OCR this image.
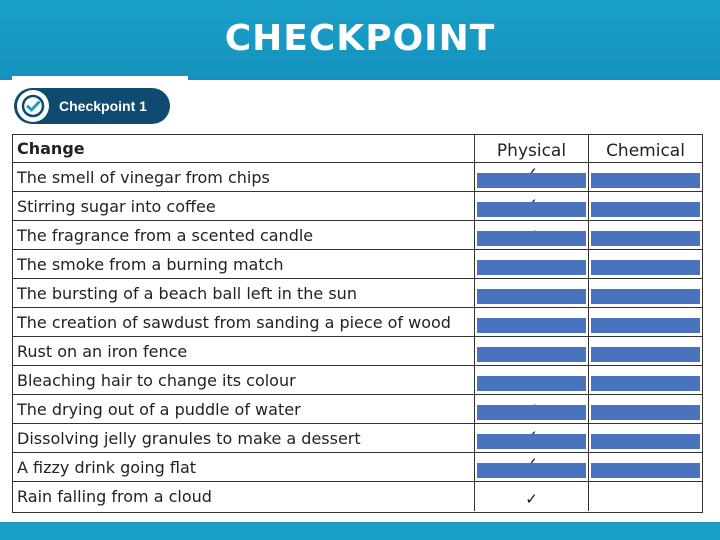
CHECKPOINT
Checkpoint 1
Change	Physical	Chemical
The smell of vinegar from chips
Stirring sugar into coffee
The fragrance from a scented candle
The smoke from a burning match
The bursting of a beach ball left in the sun
The creation of sawdust from sanding a piece of wood
Rust on an iron fence
Bleaching hair to change its colour
The drying out of a puddle of water
Dissolving jelly granules to make a dessert
A fizzy drink going flat
Rain falling from a cloud	✓
